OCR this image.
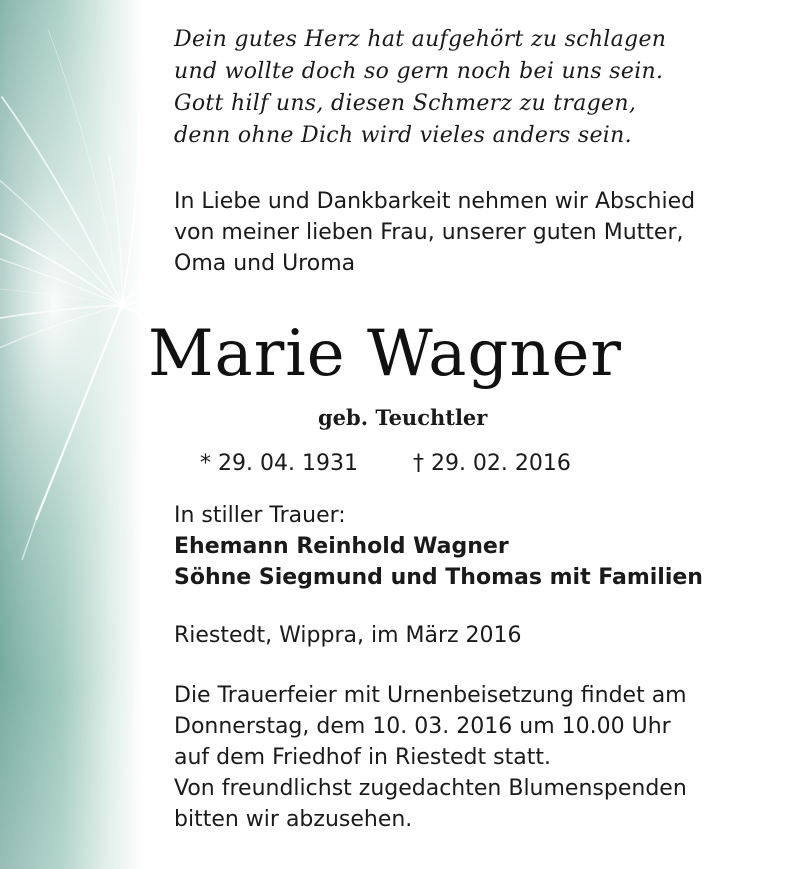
Dein gutes Herz hat aufgehört zu schlagen
und wollte doch so gern noch bei uns sein.
Gott hilf uns, diesen Schmerz zu tragen,
denn ohne Dich wird vieles anders sein.
In Liebe und Dankbarkeit nehmen wir Abschied
von meiner lieben Frau, unserer guten Mutter,
Oma und Uroma
Marie Wagner
geb. Teuchtler
* 29. 04. 1931	† 29. 02. 2016
In stiller Trauer:
Ehemann Reinhold Wagner
Söhne Siegmund und Thomas mit Familien
Riestedt, Wippra, im März 2016
Die Trauerfeier mit Urnenbeisetzung findet am
Donnerstag, dem 10. 03. 2016 um 10.00 Uhr
auf dem Friedhof in Riestedt statt.
Von freundlichst zugedachten Blumenspenden
bitten wir abzusehen.
